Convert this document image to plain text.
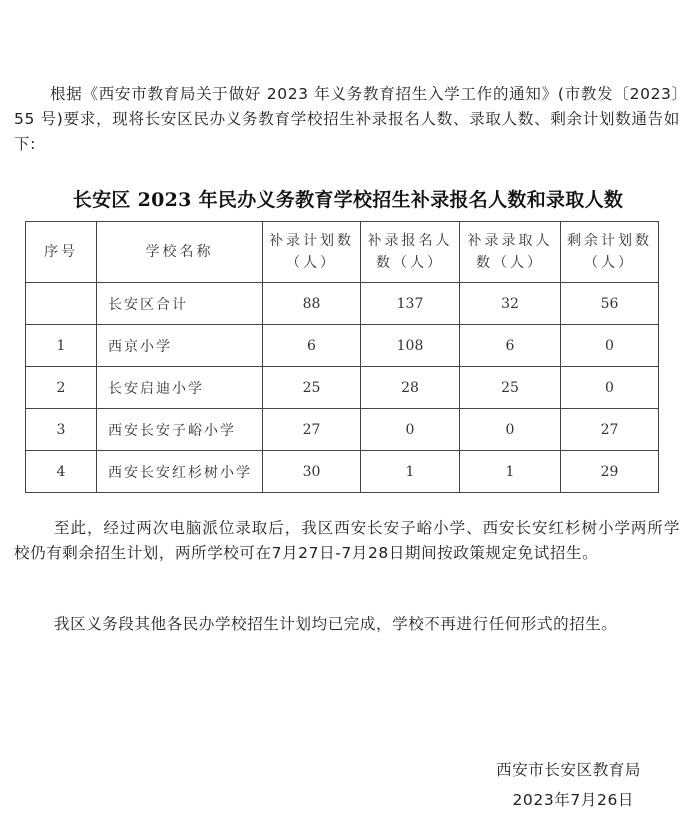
根据《西安市教育局关于做好 2023 年义务教育招生入学工作的通知》(市教发〔2023〕55 号)要求，现将长安区民办义务教育学校招生补录报名人数、录取人数、剩余计划数通告如下:

长安区 2023 年民办义务教育学校招生补录报名人数和录取人数
序号	学校名称	补录计划数（人）	补录报名人数（人）	补录录取人数（人）	剩余计划数（人）
	长安区合计	88	137	32	56
1	西京小学	6	108	6	0
2	长安启迪小学	25	28	25	0
3	西安长安子峪小学	27	0	0	27
4	西安长安红杉树小学	30	1	1	29

至此，经过两次电脑派位录取后，我区西安长安子峪小学、西安长安红杉树小学两所学校仍有剩余招生计划，两所学校可在7月27日-7月28日期间按政策规定免试招生。

我区义务段其他各民办学校招生计划均已完成，学校不再进行任何形式的招生。

西安市长安区教育局

2023年7月26日
